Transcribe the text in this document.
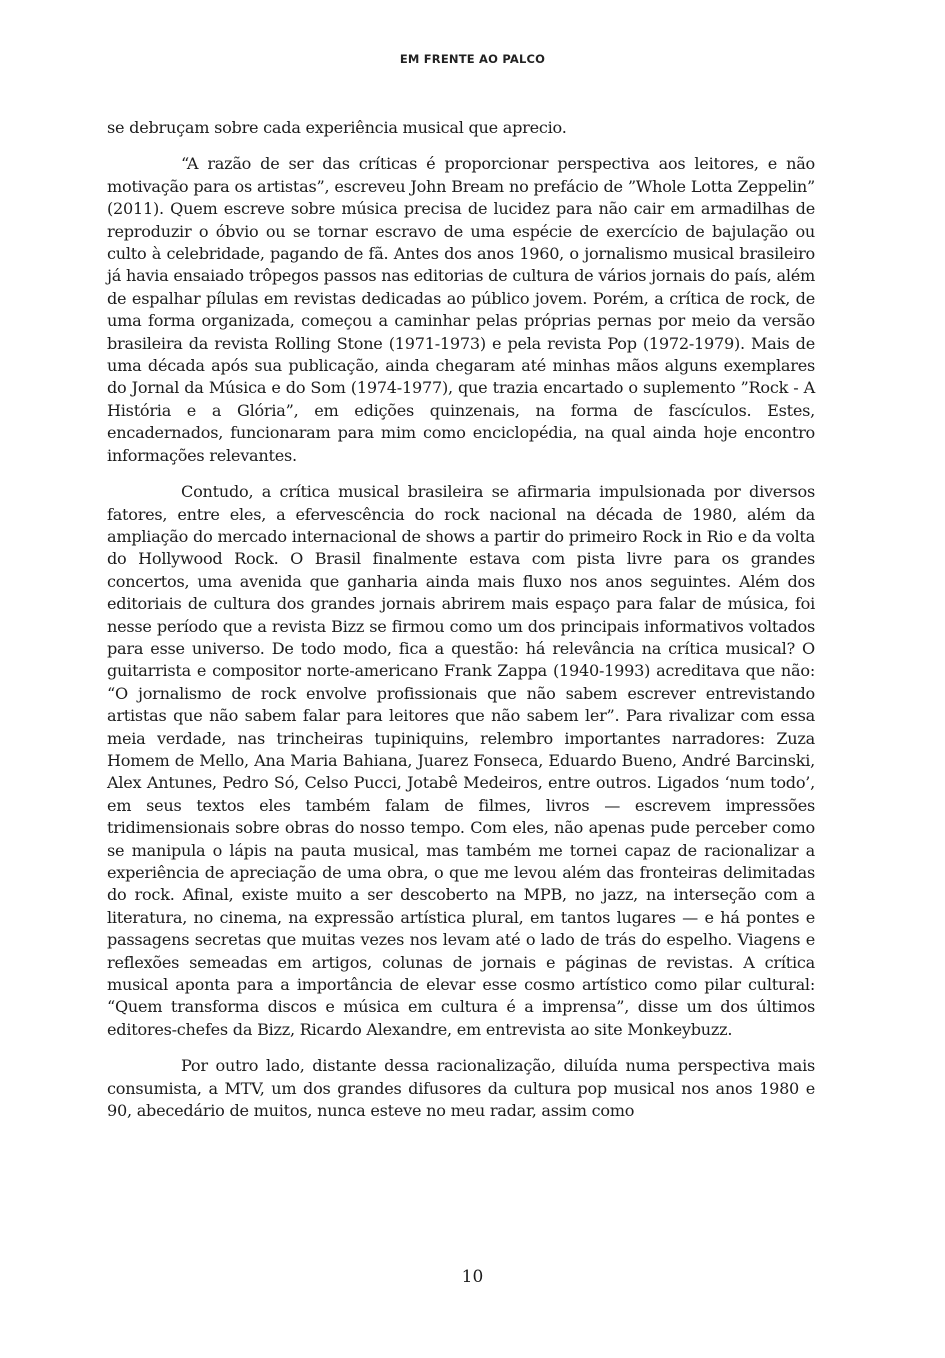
EM FRENTE AO PALCO

se debruçam sobre cada experiência musical que aprecio.

“A razão de ser das críticas é proporcionar perspectiva aos leitores, e não motivação para os artistas”, escreveu John Bream no prefácio de ”Whole Lotta Zeppelin” (2011). Quem escreve sobre música precisa de lucidez para não cair em armadilhas de reproduzir o óbvio ou se tornar escravo de uma espécie de exercício de bajulação ou culto à celebridade, pagando de fã. Antes dos anos 1960, o jornalismo musical brasileiro já havia ensaiado trôpegos passos nas editorias de cultura de vários jornais do país, além de espalhar pílulas em revistas dedicadas ao público jovem. Porém, a crítica de rock, de uma forma organizada, começou a caminhar pelas próprias pernas por meio da versão brasileira da revista Rolling Stone (1971-1973) e pela revista Pop (1972-1979). Mais de uma década após sua publicação, ainda chegaram até minhas mãos alguns exemplares do Jornal da Música e do Som (1974-1977), que trazia encartado o suplemento ”Rock - A História e a Glória”, em edições quinzenais, na forma de fascículos. Estes, encadernados, funcionaram para mim como enciclopédia, na qual ainda hoje encontro informações relevantes.

Contudo, a crítica musical brasileira se afirmaria impulsionada por diversos fatores, entre eles, a efervescência do rock nacional na década de 1980, além da ampliação do mercado internacional de shows a partir do primeiro Rock in Rio e da volta do Hollywood Rock. O Brasil finalmente estava com pista livre para os grandes concertos, uma avenida que ganharia ainda mais fluxo nos anos seguintes. Além dos editoriais de cultura dos grandes jornais abrirem mais espaço para falar de música, foi nesse período que a revista Bizz se firmou como um dos principais informativos voltados para esse universo. De todo modo, fica a questão: há relevância na crítica musical? O guitarrista e compositor norte-americano Frank Zappa (1940-1993) acreditava que não: “O jornalismo de rock envolve profissionais que não sabem escrever entrevistando artistas que não sabem falar para leitores que não sabem ler”. Para rivalizar com essa meia verdade, nas trincheiras tupiniquins, relembro importantes narradores: Zuza Homem de Mello, Ana Maria Bahiana, Juarez Fonseca, Eduardo Bueno, André Barcinski, Alex Antunes, Pedro Só, Celso Pucci, Jotabê Medeiros, entre outros. Ligados ‘num todo’, em seus textos eles também falam de filmes, livros — escrevem impressões tridimensionais sobre obras do nosso tempo. Com eles, não apenas pude perceber como se manipula o lápis na pauta musical, mas também me tornei capaz de racionalizar a experiência de apreciação de uma obra, o que me levou além das fronteiras delimitadas do rock. Afinal, existe muito a ser descoberto na MPB, no jazz, na interseção com a literatura, no cinema, na expressão artística plural, em tantos lugares — e há pontes e passagens secretas que muitas vezes nos levam até o lado de trás do espelho. Viagens e reflexões semeadas em artigos, colunas de jornais e páginas de revistas. A crítica musical aponta para a importância de elevar esse cosmo artístico como pilar cultural: “Quem transforma discos e música em cultura é a imprensa”, disse um dos últimos editores-chefes da Bizz, Ricardo Alexandre, em entrevista ao site Monkeybuzz.

Por outro lado, distante dessa racionalização, diluída numa perspectiva mais consumista, a MTV, um dos grandes difusores da cultura pop musical nos anos 1980 e 90, abecedário de muitos, nunca esteve no meu radar, assim como

10
